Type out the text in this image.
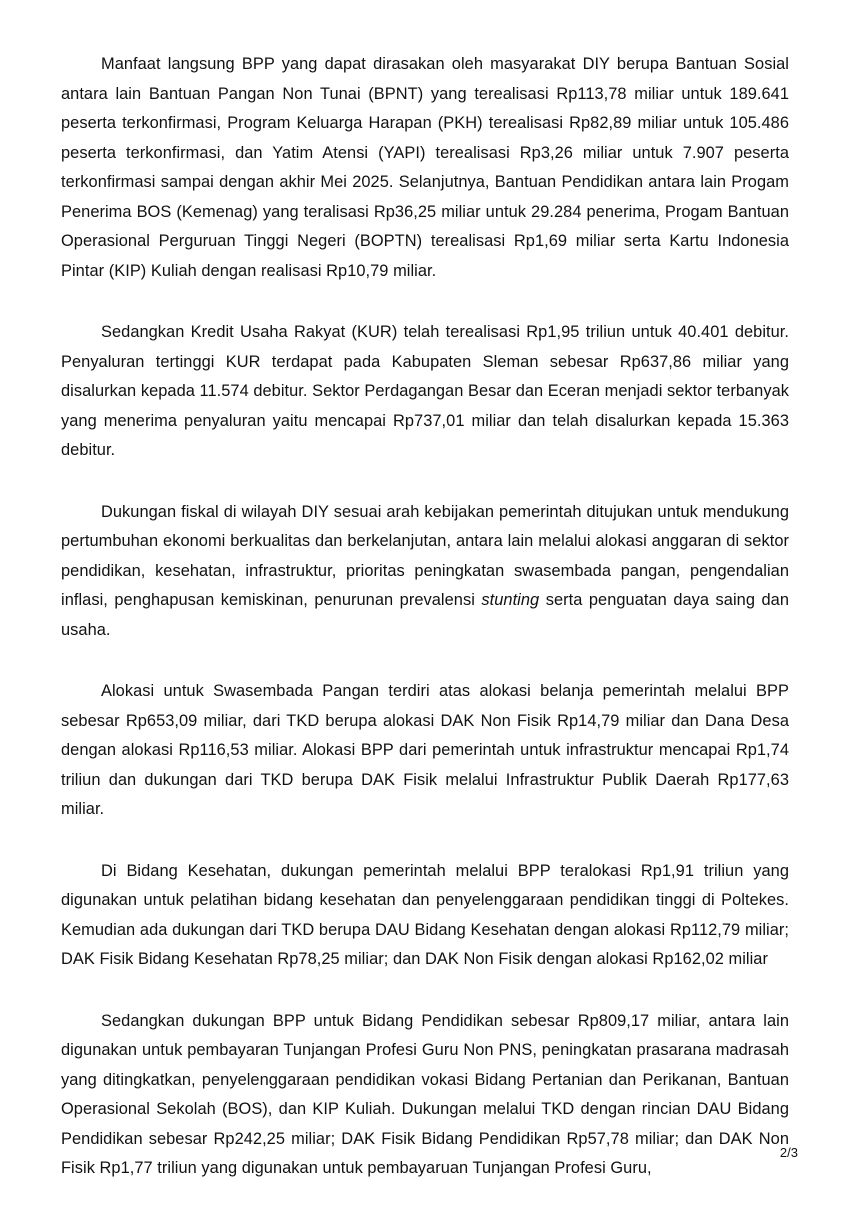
Manfaat langsung BPP yang dapat dirasakan oleh masyarakat DIY berupa Bantuan Sosial antara lain Bantuan Pangan Non Tunai (BPNT) yang terealisasi Rp113,78 miliar untuk 189.641 peserta terkonfirmasi, Program Keluarga Harapan (PKH) terealisasi Rp82,89 miliar untuk 105.486 peserta terkonfirmasi, dan Yatim Atensi (YAPI) terealisasi Rp3,26 miliar untuk 7.907 peserta terkonfirmasi sampai dengan akhir Mei 2025. Selanjutnya, Bantuan Pendidikan antara lain Progam Penerima BOS (Kemenag) yang teralisasi Rp36,25 miliar untuk 29.284 penerima, Progam Bantuan Operasional Perguruan Tinggi Negeri (BOPTN) terealisasi Rp1,69 miliar serta Kartu Indonesia Pintar (KIP) Kuliah dengan realisasi Rp10,79 miliar.

Sedangkan Kredit Usaha Rakyat (KUR) telah terealisasi Rp1,95 triliun untuk 40.401 debitur. Penyaluran tertinggi KUR terdapat pada Kabupaten Sleman sebesar Rp637,86 miliar yang disalurkan kepada 11.574 debitur. Sektor Perdagangan Besar dan Eceran menjadi sektor terbanyak yang menerima penyaluran yaitu mencapai Rp737,01 miliar dan telah disalurkan kepada 15.363 debitur.

Dukungan fiskal di wilayah DIY sesuai arah kebijakan pemerintah ditujukan untuk mendukung pertumbuhan ekonomi berkualitas dan berkelanjutan, antara lain melalui alokasi anggaran di sektor pendidikan, kesehatan, infrastruktur, prioritas peningkatan swasembada pangan, pengendalian inflasi, penghapusan kemiskinan, penurunan prevalensi stunting serta penguatan daya saing dan usaha.

Alokasi untuk Swasembada Pangan terdiri atas alokasi belanja pemerintah melalui BPP sebesar Rp653,09 miliar, dari TKD berupa alokasi DAK Non Fisik Rp14,79 miliar dan Dana Desa dengan alokasi Rp116,53 miliar. Alokasi BPP dari pemerintah untuk infrastruktur mencapai Rp1,74 triliun dan dukungan dari TKD berupa DAK Fisik melalui Infrastruktur Publik Daerah Rp177,63 miliar.

Di Bidang Kesehatan, dukungan pemerintah melalui BPP teralokasi Rp1,91 triliun yang digunakan untuk pelatihan bidang kesehatan dan penyelenggaraan pendidikan tinggi di Poltekes. Kemudian ada dukungan dari TKD berupa DAU Bidang Kesehatan dengan alokasi Rp112,79 miliar; DAK Fisik Bidang Kesehatan Rp78,25 miliar; dan DAK Non Fisik dengan alokasi Rp162,02 miliar

Sedangkan dukungan BPP untuk Bidang Pendidikan sebesar Rp809,17 miliar, antara lain digunakan untuk pembayaran Tunjangan Profesi Guru Non PNS, peningkatan prasarana madrasah yang ditingkatkan, penyelenggaraan pendidikan vokasi Bidang Pertanian dan Perikanan, Bantuan Operasional Sekolah (BOS), dan KIP Kuliah. Dukungan melalui TKD dengan rincian DAU Bidang Pendidikan sebesar Rp242,25 miliar; DAK Fisik Bidang Pendidikan Rp57,78 miliar; dan DAK Non Fisik Rp1,77 triliun yang digunakan untuk pembayaruan Tunjangan Profesi Guru,

2/3
